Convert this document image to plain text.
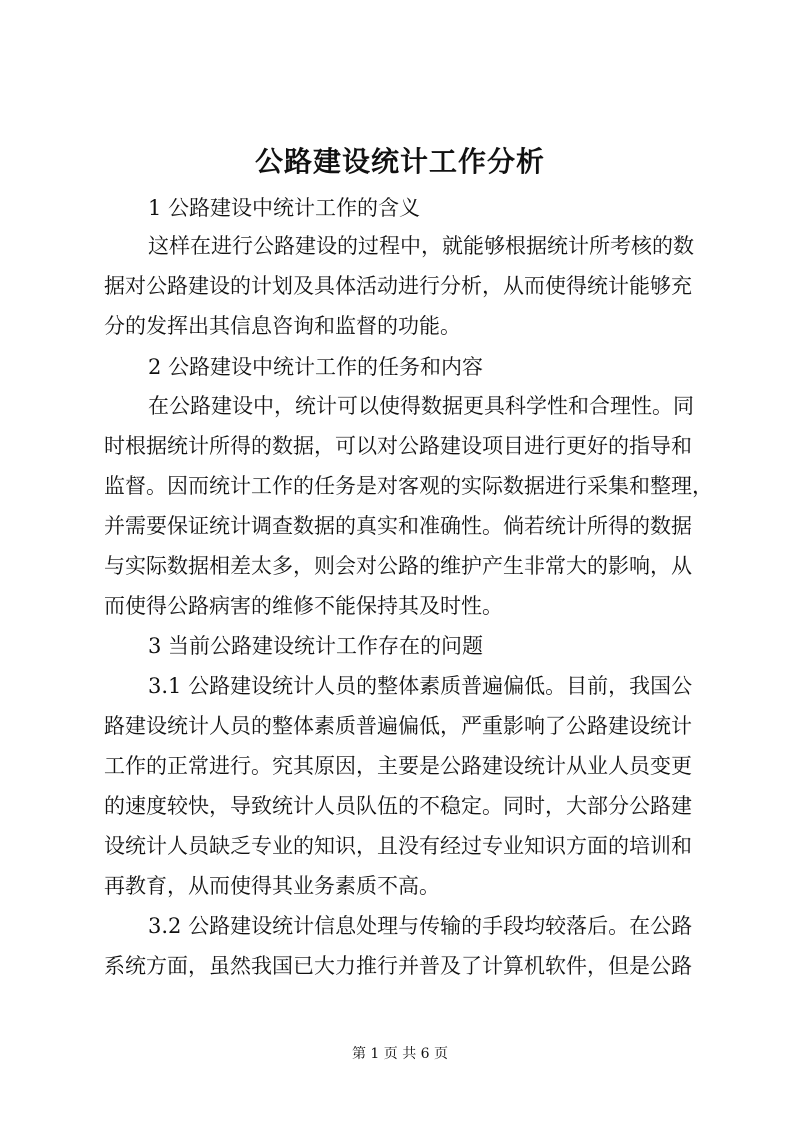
公路建设统计工作分析
1 公路建设中统计工作的含义
这样在进行公路建设的过程中，就能够根据统计所考核的数
据对公路建设的计划及具体活动进行分析，从而使得统计能够充
分的发挥出其信息咨询和监督的功能。
2 公路建设中统计工作的任务和内容
在公路建设中，统计可以使得数据更具科学性和合理性。同
时根据统计所得的数据，可以对公路建设项目进行更好的指导和
监督。因而统计工作的任务是对客观的实际数据进行采集和整理，
并需要保证统计调查数据的真实和准确性。倘若统计所得的数据
与实际数据相差太多，则会对公路的维护产生非常大的影响，从
而使得公路病害的维修不能保持其及时性。
3 当前公路建设统计工作存在的问题
3.1 公路建设统计人员的整体素质普遍偏低。目前，我国公
路建设统计人员的整体素质普遍偏低，严重影响了公路建设统计
工作的正常进行。究其原因，主要是公路建设统计从业人员变更
的速度较快，导致统计人员队伍的不稳定。同时，大部分公路建
设统计人员缺乏专业的知识，且没有经过专业知识方面的培训和
再教育，从而使得其业务素质不高。
3.2 公路建设统计信息处理与传输的手段均较落后。在公路
系统方面，虽然我国已大力推行并普及了计算机软件，但是公路
第 1 页 共 6 页
